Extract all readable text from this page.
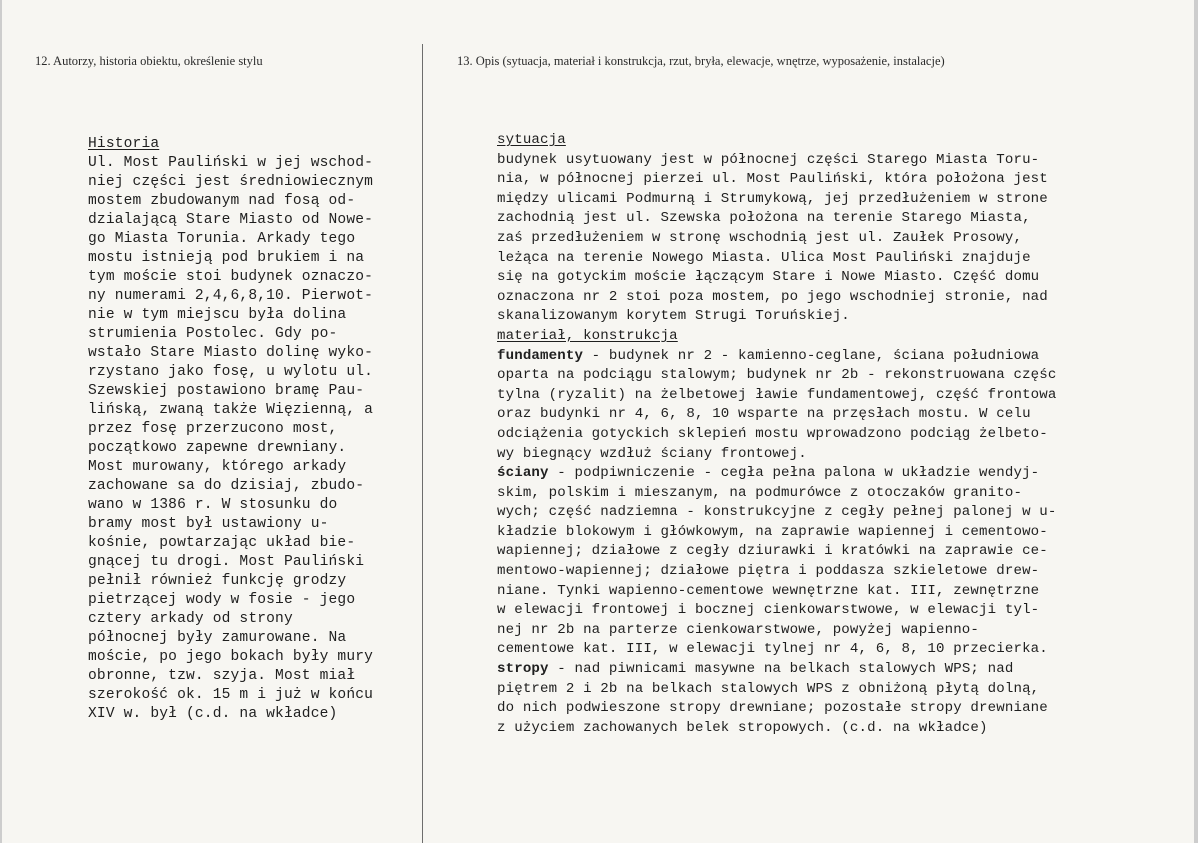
12. Autorzy, historia obiektu, określenie stylu	13. Opis (sytuacja, materiał i konstrukcja, rzut, bryła, elewacje, wnętrze, wyposażenie, instalacje)
Historia
Ul. Most Pauliński w jej wschod-
niej części jest średniowiecznym
mostem zbudowanym nad fosą od-
dzialającą Stare Miasto od Nowe-
go Miasta Torunia. Arkady tego
mostu istnieją pod brukiem i na
tym moście stoi budynek oznaczo-
ny numerami 2,4,6,8,10. Pierwot-
nie w tym miejscu była dolina
strumienia Postolec. Gdy po-
wstało Stare Miasto dolinę wyko-
rzystano jako fosę, u wylotu ul.
Szewskiej postawiono bramę Pau-
lińską, zwaną także Więzienną, a
przez fosę przerzucono most,
początkowo zapewne drewniany.
Most murowany, którego arkady
zachowane sa do dzisiaj, zbudo-
wano w 1386 r. W stosunku do
bramy most był ustawiony u-
kośnie, powtarzając układ bie-
gnącej tu drogi. Most Pauliński
pełnił również funkcję grodzy
pietrzącej wody w fosie - jego
cztery arkady od strony
północnej były zamurowane. Na
moście, po jego bokach były mury
obronne, tzw. szyja. Most miał
szerokość ok. 15 m i już w końcu
XIV w. był (c.d. na wkładce)
sytuacja
budynek usytuowany jest w północnej części Starego Miasta Toru-
nia, w północnej pierzei ul. Most Pauliński, która położona jest
między ulicami Podmurną i Strumykową, jej przedłużeniem w strone
zachodnią jest ul. Szewska położona na terenie Starego Miasta,
zaś przedłużeniem w stronę wschodnią jest ul. Zaułek Prosowy,
leżąca na terenie Nowego Miasta. Ulica Most Pauliński znajduje
się na gotyckim moście łączącym Stare i Nowe Miasto. Część domu
oznaczona nr 2 stoi poza mostem, po jego wschodniej stronie, nad
skanalizowanym korytem Strugi Toruńskiej.
materiał, konstrukcja
fundamenty - budynek nr 2 - kamienno-ceglane, ściana południowa
oparta na podciągu stalowym; budynek nr 2b - rekonstruowana częśc
tylna (ryzalit) na żelbetowej ławie fundamentowej, część frontowa
oraz budynki nr 4, 6, 8, 10 wsparte na przęsłach mostu. W celu
odciążenia gotyckich sklepień mostu wprowadzono podciąg żelbeto-
wy biegnący wzdłuż ściany frontowej.
ściany - podpiwniczenie - cegła pełna palona w układzie wendyj-
skim, polskim i mieszanym, na podmurówce z otoczaków granito-
wych; część nadziemna - konstrukcyjne z cegły pełnej palonej w u-
kładzie blokowym i główkowym, na zaprawie wapiennej i cementowo-
wapiennej; działowe z cegły dziurawki i kratówki na zaprawie ce-
mentowo-wapiennej; działowe piętra i poddasza szkieletowe drew-
niane. Tynki wapienno-cementowe wewnętrzne kat. III, zewnętrzne
w elewacji frontowej i bocznej cienkowarstwowe, w elewacji tyl-
nej nr 2b na parterze cienkowarstwowe, powyżej wapienno-
cementowe kat. III, w elewacji tylnej nr 4, 6, 8, 10 przecierka.
stropy - nad piwnicami masywne na belkach stalowych WPS; nad
piętrem 2 i 2b na belkach stalowych WPS z obniżoną płytą dolną,
do nich podwieszone stropy drewniane; pozostałe stropy drewniane
z użyciem zachowanych belek stropowych. (c.d. na wkładce)
